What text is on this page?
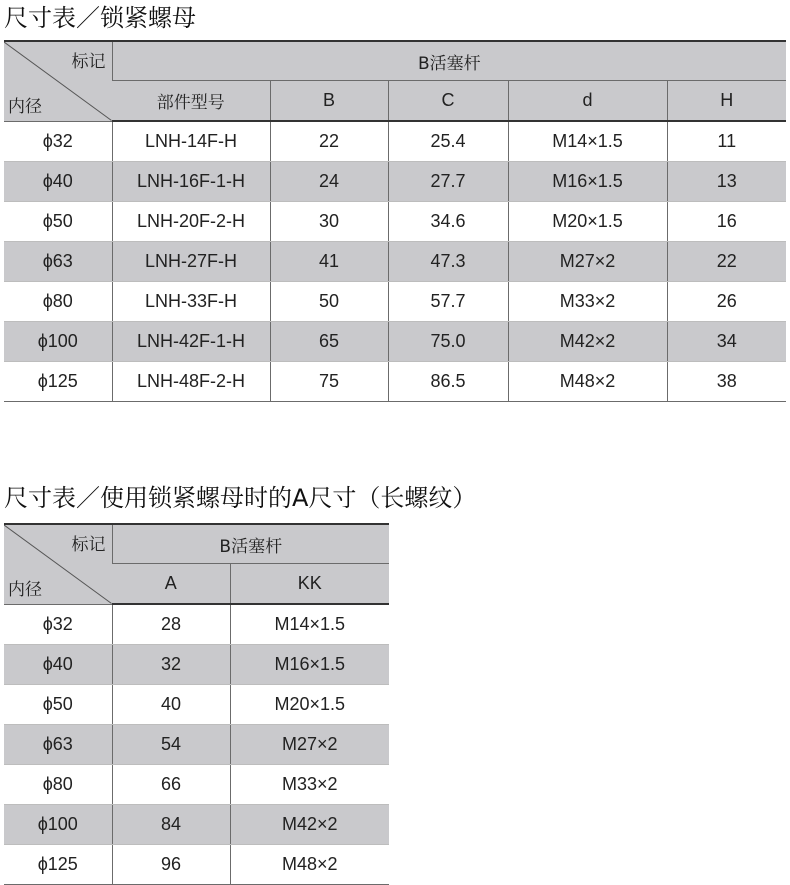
尺寸表／锁紧螺母
标记
内径	B活塞杆				
	部件型号	B	C	d	H
ϕ32	LNH-14F-H	22	25.4	M14×1.5	11
ϕ40	LNH-16F-1-H	24	27.7	M16×1.5	13
ϕ50	LNH-20F-2-H	30	34.6	M20×1.5	16
ϕ63	LNH-27F-H	41	47.3	M27×2	22
ϕ80	LNH-33F-H	50	57.7	M33×2	26
ϕ100	LNH-42F-1-H	65	75.0	M42×2	34
ϕ125	LNH-48F-2-H	75	86.5	M48×2	38
尺寸表／使用锁紧螺母时的A尺寸（长螺纹）
标记
内径	B活塞杆	
	A	KK
ϕ32	28	M14×1.5
ϕ40	32	M16×1.5
ϕ50	40	M20×1.5
ϕ63	54	M27×2
ϕ80	66	M33×2
ϕ100	84	M42×2
ϕ125	96	M48×2
